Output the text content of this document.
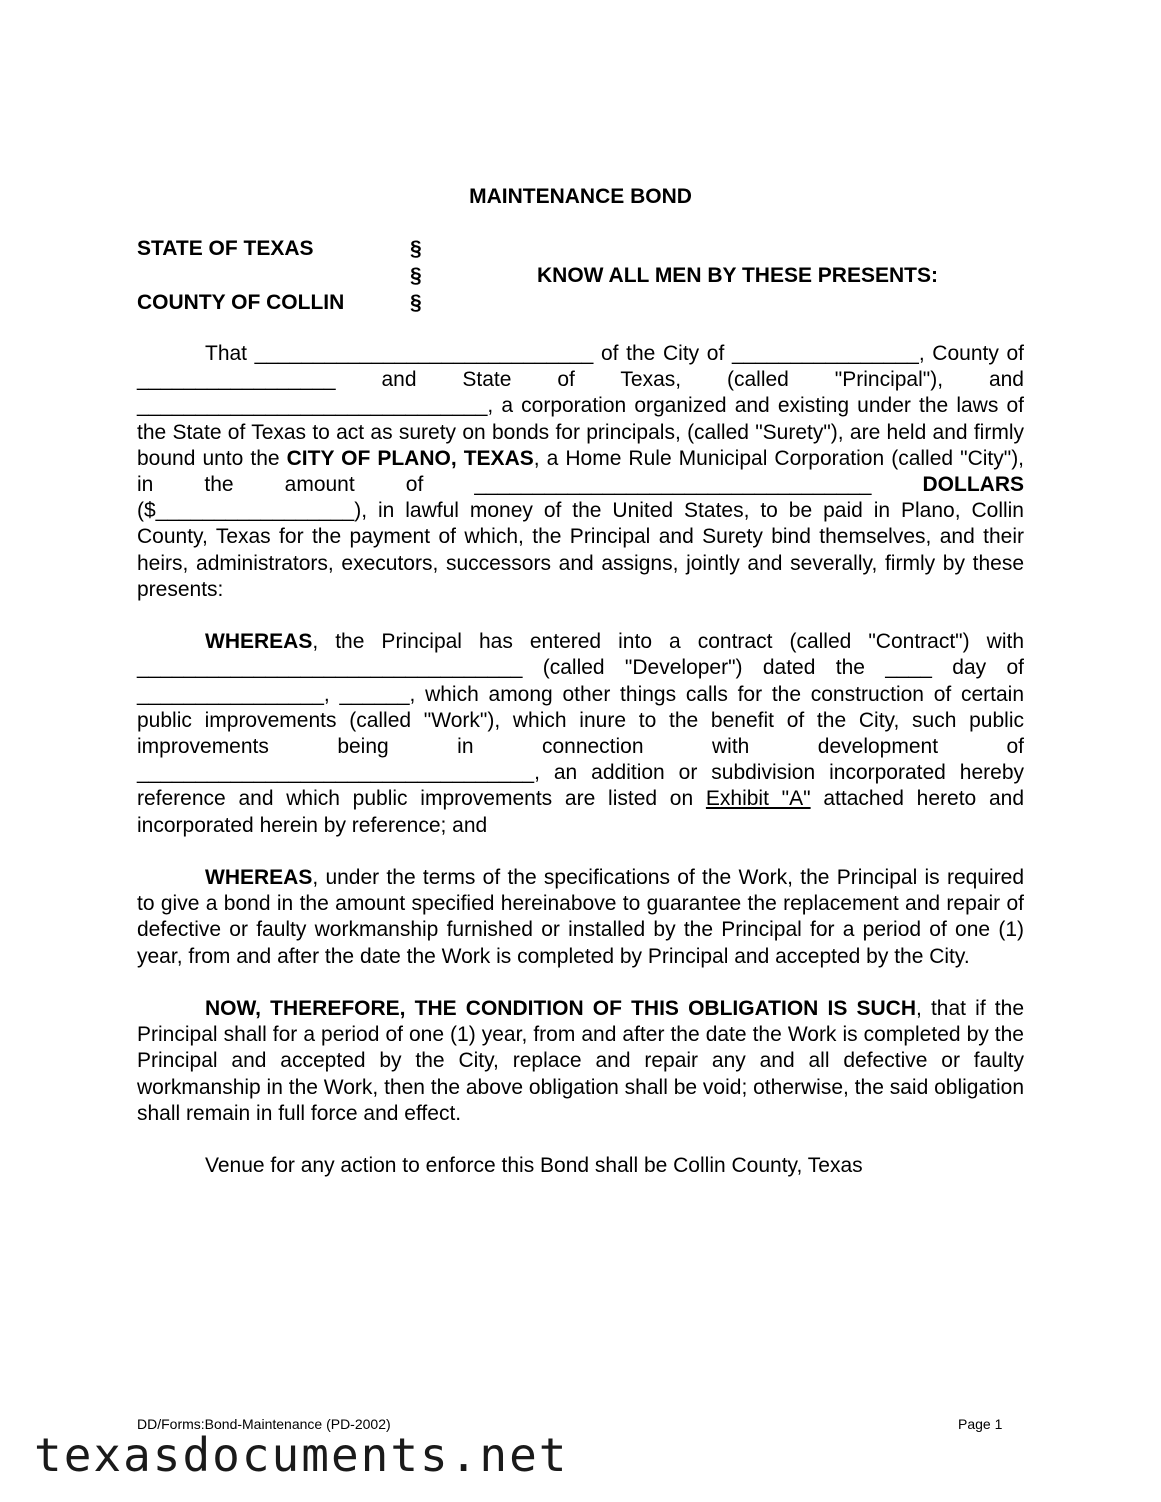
MAINTENANCE BOND
STATE OF TEXAS
COUNTY OF COLLIN
§
§
§
KNOW ALL MEN BY THESE PRESENTS:

That _____________________________ of the City of ________________, County of _________________ and State of Texas, (called "Principal"), and ______________________________, a corporation organized and existing under the laws of the State of Texas to act as surety on bonds for principals, (called "Surety"), are held and firmly bound unto the CITY OF PLANO, TEXAS, a Home Rule Municipal Corporation (called "City"), in the amount of __________________________________ DOLLARS ($_________________), in lawful money of the United States, to be paid in Plano, Collin County, Texas for the payment of which, the Principal and Surety bind themselves, and their heirs, administrators, executors, successors and assigns, jointly and severally, firmly by these presents:

WHEREAS, the Principal has entered into a contract (called "Contract") with _________________________________ (called "Developer") dated the ____ day of ________________, ______, which among other things calls for the construction of certain public improvements (called "Work"), which inure to the benefit of the City, such public improvements being in connection with development of __________________________________, an addition or subdivision incorporated hereby reference and which public improvements are listed on Exhibit "A" attached hereto and incorporated herein by reference; and

WHEREAS, under the terms of the specifications of the Work, the Principal is required to give a bond in the amount specified hereinabove to guarantee the replacement and repair of defective or faulty workmanship furnished or installed by the Principal for a period of one (1) year, from and after the date the Work is completed by Principal and accepted by the City.

NOW, THEREFORE, THE CONDITION OF THIS OBLIGATION IS SUCH, that if the Principal shall for a period of one (1) year, from and after the date the Work is completed by the Principal and accepted by the City, replace and repair any and all defective or faulty workmanship in the Work, then the above obligation shall be void; otherwise, the said obligation shall remain in full force and effect.

Venue for any action to enforce this Bond shall be Collin County, Texas

DD/Forms:Bond-Maintenance (PD-2002)	Page 1
texasdocuments.net
